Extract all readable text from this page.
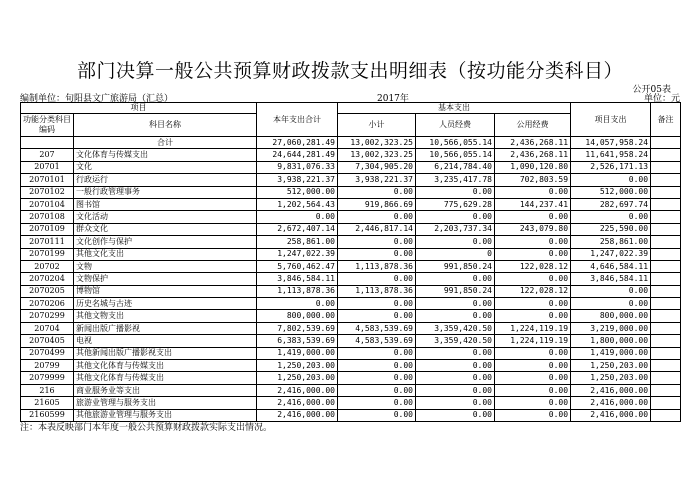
部门决算一般公共预算财政拨款支出明细表（按功能分类科目）
公开05表
编制单位：旬阳县文广旅游局（汇总）	2017年	单位：元
项目		本年支出合计	基本支出			项目支出	备注
功能分类科目编码	科目名称		小计	人员经费	公用经费		
	合计	27,060,281.49	13,002,323.25	10,566,055.14	2,436,268.11	14,057,958.24	
207	文化体育与传媒支出	24,644,281.49	13,002,323.25	10,566,055.14	2,436,268.11	11,641,958.24	
20701	文化	9,831,076.33	7,304,905.20	6,214,784.40	1,090,120.80	2,526,171.13	
2070101	行政运行	3,938,221.37	3,938,221.37	3,235,417.78	702,803.59	0.00	
2070102	一般行政管理事务	512,000.00	0.00	0.00	0.00	512,000.00	
2070104	图书馆	1,202,564.43	919,866.69	775,629.28	144,237.41	282,697.74	
2070108	文化活动	0.00	0.00	0.00	0.00	0.00	
2070109	群众文化	2,672,407.14	2,446,817.14	2,203,737.34	243,079.80	225,590.00	
2070111	文化创作与保护	258,861.00	0.00	0.00	0.00	258,861.00	
2070199	其他文化支出	1,247,022.39	0.00	0	0.00	1,247,022.39	
20702	文物	5,760,462.47	1,113,878.36	991,850.24	122,028.12	4,646,584.11	
2070204	文物保护	3,846,584.11	0.00	0.00	0.00	3,846,584.11	
2070205	博物馆	1,113,878.36	1,113,878.36	991,850.24	122,028.12	0.00	
2070206	历史名城与古迹	0.00	0.00	0.00	0.00	0.00	
2070299	其他文物支出	800,000.00	0.00	0.00	0.00	800,000.00	
20704	新闻出版广播影视	7,802,539.69	4,583,539.69	3,359,420.50	1,224,119.19	3,219,000.00	
2070405	电视	6,383,539.69	4,583,539.69	3,359,420.50	1,224,119.19	1,800,000.00	
2070499	其他新闻出版广播影视支出	1,419,000.00	0.00	0.00	0.00	1,419,000.00	
20799	其他文化体育与传媒支出	1,250,203.00	0.00	0.00	0.00	1,250,203.00	
2079999	其他文化体育与传媒支出	1,250,203.00	0.00	0.00	0.00	1,250,203.00	
216	商业服务业等支出	2,416,000.00	0.00	0.00	0.00	2,416,000.00	
21605	旅游业管理与服务支出	2,416,000.00	0.00	0.00	0.00	2,416,000.00	
2160599	其他旅游业管理与服务支出	2,416,000.00	0.00	0.00	0.00	2,416,000.00	
注：本表反映部门本年度一般公共预算财政拨款实际支出情况。
